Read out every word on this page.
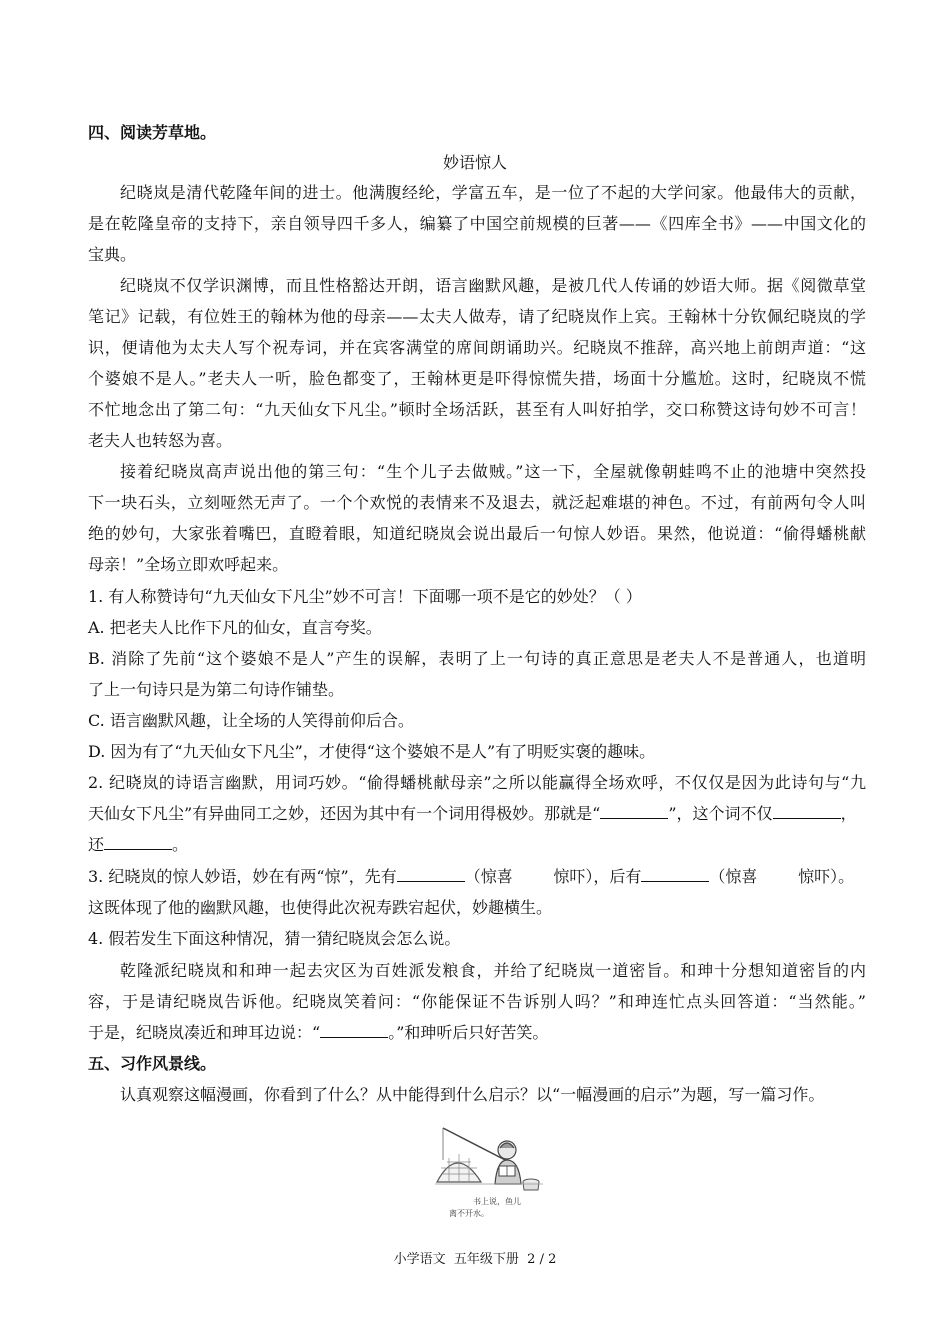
四、阅读芳草地。
妙语惊人
纪晓岚是清代乾隆年间的进士。他满腹经纶，学富五车，是一位了不起的大学问家。他最伟大的贡献，
是在乾隆皇帝的支持下，亲自领导四千多人，编纂了中国空前规模的巨著——《四库全书》——中国文化的
宝典。
纪晓岚不仅学识渊博，而且性格豁达开朗，语言幽默风趣，是被几代人传诵的妙语大师。据《阅微草堂
笔记》记载，有位姓王的翰林为他的母亲——太夫人做寿，请了纪晓岚作上宾。王翰林十分钦佩纪晓岚的学
识，便请他为太夫人写个祝寿词，并在宾客满堂的席间朗诵助兴。纪晓岚不推辞，高兴地上前朗声道：“这
个婆娘不是人。”老夫人一听，脸色都变了，王翰林更是吓得惊慌失措，场面十分尴尬。这时，纪晓岚不慌
不忙地念出了第二句：“九天仙女下凡尘。”顿时全场活跃，甚至有人叫好拍学，交口称赞这诗句妙不可言！
老夫人也转怒为喜。
接着纪晓岚高声说出他的第三句：“生个儿子去做贼。”这一下，全屋就像朝蛙鸣不止的池塘中突然投
下一块石头，立刻哑然无声了。一个个欢悦的表情来不及退去，就泛起难堪的神色。不过，有前两句令人叫
绝的妙句，大家张着嘴巴，直瞪着眼，知道纪晓岚会说出最后一句惊人妙语。果然，他说道：“偷得蟠桃献
母亲！”全场立即欢呼起来。
1. 有人称赞诗句“九天仙女下凡尘”妙不可言！下面哪一项不是它的妙处？（ ）
A. 把老夫人比作下凡的仙女，直言夸奖。
B. 消除了先前“这个婆娘不是人”产生的误解，表明了上一句诗的真正意思是老夫人不是普通人，也道明
了上一句诗只是为第二句诗作铺垫。
C. 语言幽默风趣，让全场的人笑得前仰后合。
D. 因为有了“九天仙女下凡尘”，才使得“这个婆娘不是人”有了明贬实褒的趣味。
2. 纪晓岚的诗语言幽默，用词巧妙。“偷得蟠桃献母亲”之所以能赢得全场欢呼，不仅仅是因为此诗句与“九
天仙女下凡尘”有异曲同工之妙，还因为其中有一个词用得极妙。那就是“	”，这个词不仅	，
还	。
3. 纪晓岚的惊人妙语，妙在有两“惊”，先有	（惊喜        惊吓），后有	（惊喜        惊吓）。
这既体现了他的幽默风趣，也使得此次祝寿跌宕起伏，妙趣横生。
4. 假若发生下面这种情况，猜一猜纪晓岚会怎么说。
乾隆派纪晓岚和和珅一起去灾区为百姓派发粮食，并给了纪晓岚一道密旨。和珅十分想知道密旨的内
容，于是请纪晓岚告诉他。纪晓岚笑着问：“你能保证不告诉别人吗？”和珅连忙点头回答道：“当然能。”
于是，纪晓岚凑近和珅耳边说：“	。”和珅听后只好苦笑。
五、习作风景线。
认真观察这幅漫画，你看到了什么？从中能得到什么启示？以“一幅漫画的启示”为题，写一篇习作。
书上说，鱼儿
离不开水。
小学语文  五年级下册  2 / 2
